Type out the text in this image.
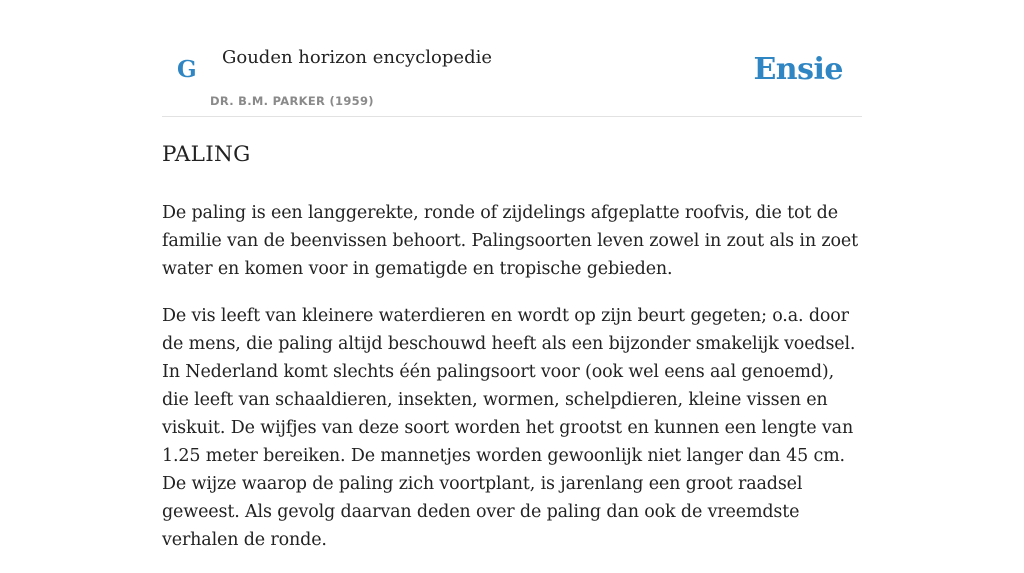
G Gouden horizon encyclopedie
DR. B.M. PARKER (1959)
Ensie
PALING

De paling is een langgerekte, ronde of zijdelings afgeplatte roofvis, die tot de familie van de beenvissen behoort. Palingsoorten leven zowel in zout als in zoet water en komen voor in gematigde en tropische gebieden.

De vis leeft van kleinere waterdieren en wordt op zijn beurt gegeten; o.a. door de mens, die paling altijd beschouwd heeft als een bijzonder smakelijk voedsel. In Nederland komt slechts één palingsoort voor (ook wel eens aal genoemd), die leeft van schaaldieren, insekten, wormen, schelpdieren, kleine vissen en viskuit. De wijfjes van deze soort worden het grootst en kunnen een lengte van 1.25 meter bereiken. De mannetjes worden gewoonlijk niet langer dan 45 cm. De wijze waarop de paling zich voortplant, is jarenlang een groot raadsel geweest. Als gevolg daarvan deden over de paling dan ook de vreemdste verhalen de ronde.
